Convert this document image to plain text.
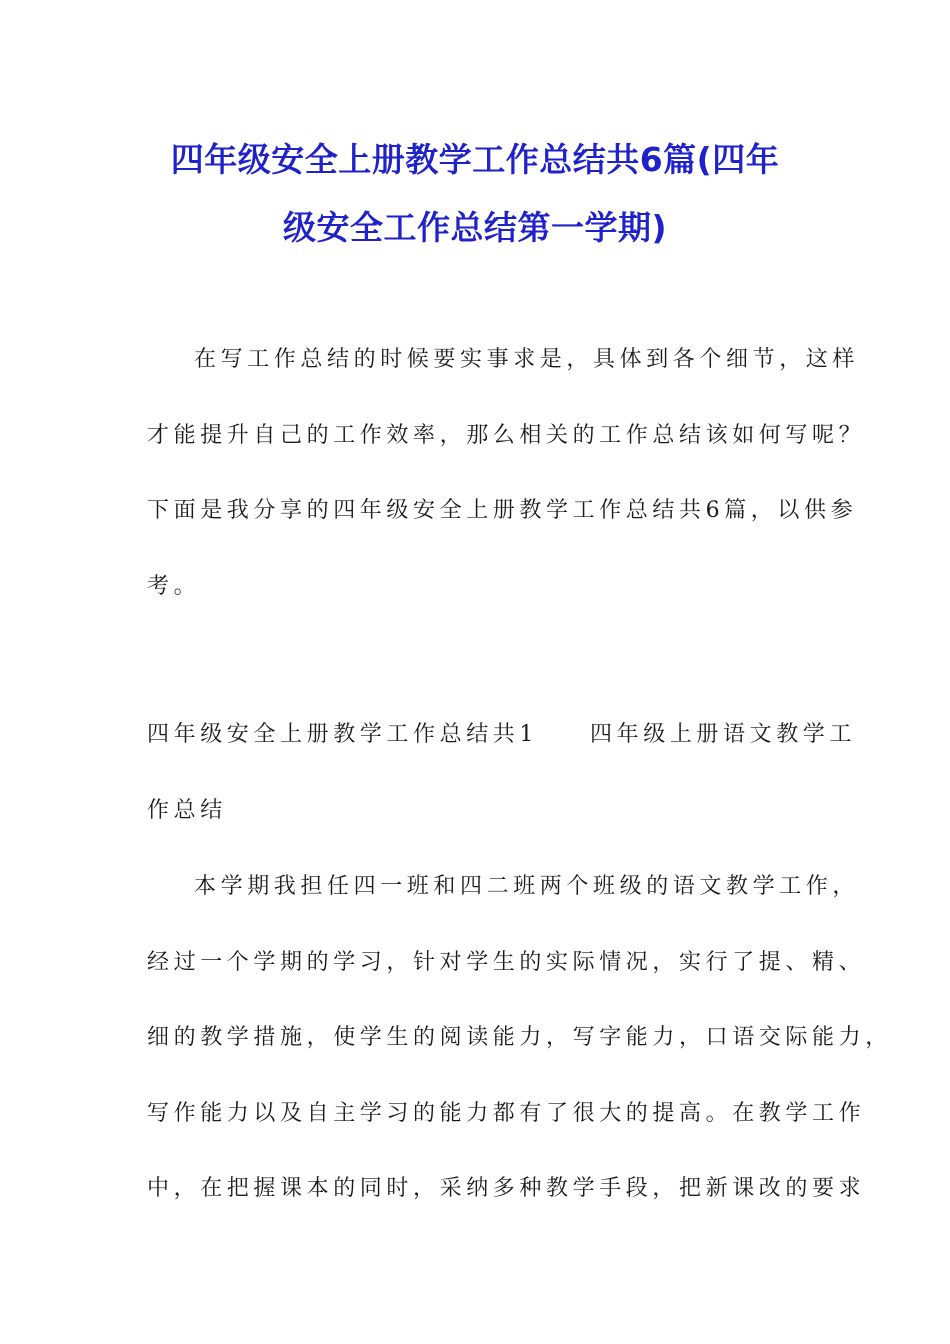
四年级安全上册教学工作总结共6篇(四年
级安全工作总结第一学期)
在写工作总结的时候要实事求是，具体到各个细节，这样
才能提升自己的工作效率，那么相关的工作总结该如何写呢？
下面是我分享的四年级安全上册教学工作总结共6篇，以供参
考。
四年级安全上册教学工作总结共1 四年级上册语文教学工
作总结
本学期我担任四一班和四二班两个班级的语文教学工作，
经过一个学期的学习，针对学生的实际情况，实行了提、精、
细的教学措施，使学生的阅读能力，写字能力，口语交际能力，
写作能力以及自主学习的能力都有了很大的提高。在教学工作
中，在把握课本的同时，采纳多种教学手段，把新课改的要求
